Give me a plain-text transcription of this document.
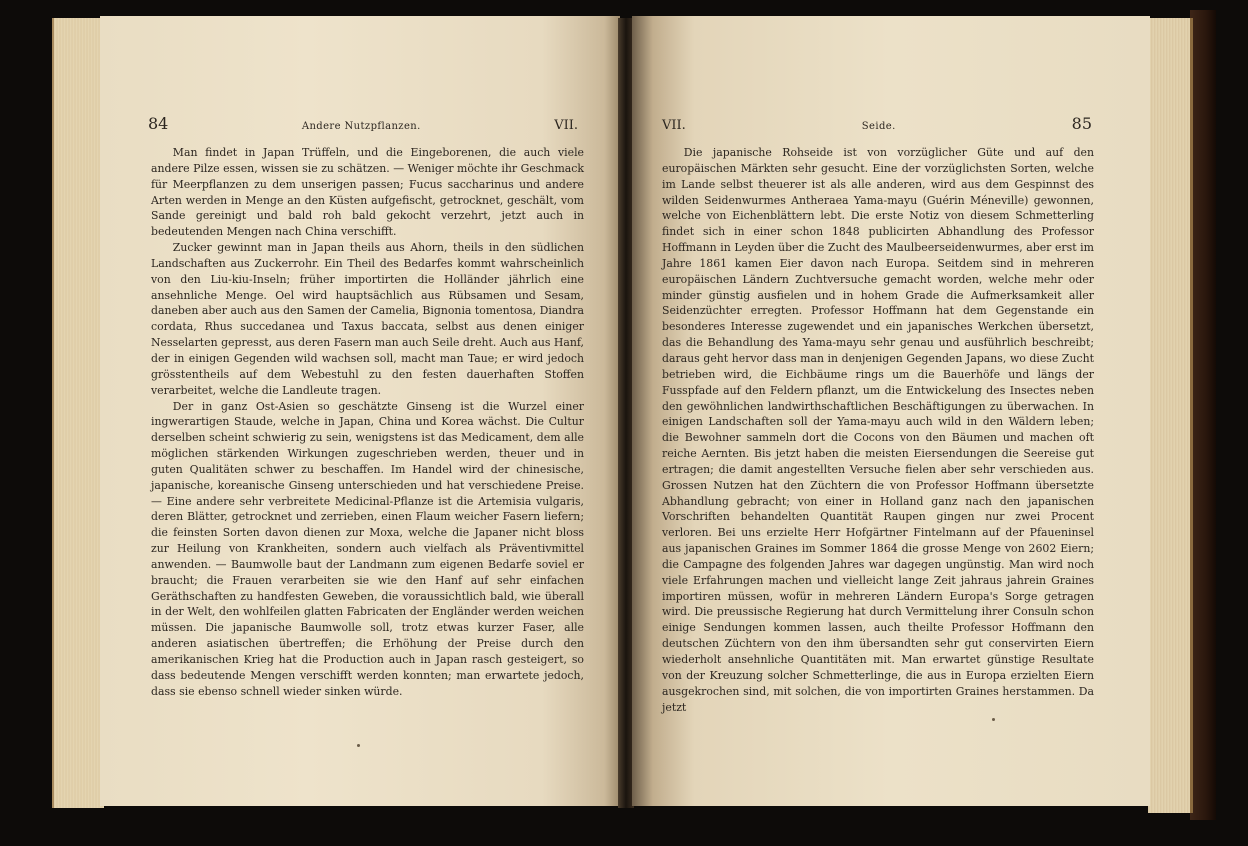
84	Andere Nutzpflanzen.	VII.

Man findet in Japan Trüffeln, und die Eingeborenen, die auch viele andere Pilze essen, wissen sie zu schätzen. — Weniger möchte ihr Geschmack für Meerpflanzen zu dem unserigen passen; Fucus saccharinus und andere Arten werden in Menge an den Küsten aufgefischt, getrocknet, geschält, vom Sande gereinigt und bald roh bald gekocht verzehrt, jetzt auch in bedeutenden Mengen nach China verschifft.

Zucker gewinnt man in Japan theils aus Ahorn, theils in den südlichen Landschaften aus Zuckerrohr. Ein Theil des Bedarfes kommt wahrscheinlich von den Liu-kiu-Inseln; früher importirten die Holländer jährlich eine ansehnliche Menge. Oel wird hauptsächlich aus Rübsamen und Sesam, daneben aber auch aus den Samen der Camelia, Bignonia tomentosa, Diandra cordata, Rhus succedanea und Taxus baccata, selbst aus denen einiger Nesselarten gepresst, aus deren Fasern man auch Seile dreht. Auch aus Hanf, der in einigen Gegenden wild wachsen soll, macht man Taue; er wird jedoch grösstentheils auf dem Webestuhl zu den festen dauerhaften Stoffen verarbeitet, welche die Landleute tragen.

Der in ganz Ost-Asien so geschätzte Ginseng ist die Wurzel einer ingwerartigen Staude, welche in Japan, China und Korea wächst. Die Cultur derselben scheint schwierig zu sein, wenigstens ist das Medicament, dem alle möglichen stärkenden Wirkungen zugeschrieben werden, theuer und in guten Qualitäten schwer zu beschaffen. Im Handel wird der chinesische, japanische, koreanische Ginseng unterschieden und hat verschiedene Preise. — Eine andere sehr verbreitete Medicinal-Pflanze ist die Artemisia vulgaris, deren Blätter, getrocknet und zerrieben, einen Flaum weicher Fasern liefern; die feinsten Sorten davon dienen zur Moxa, welche die Japaner nicht bloss zur Heilung von Krankheiten, sondern auch vielfach als Präventivmittel anwenden. — Baumwolle baut der Landmann zum eigenen Bedarfe soviel er braucht; die Frauen verarbeiten sie wie den Hanf auf sehr einfachen Geräthschaften zu handfesten Geweben, die voraussichtlich bald, wie überall in der Welt, den wohlfeilen glatten Fabricaten der Engländer werden weichen müssen. Die japanische Baumwolle soll, trotz etwas kurzer Faser, alle anderen asiatischen übertreffen; die Erhöhung der Preise durch den amerikanischen Krieg hat die Production auch in Japan rasch gesteigert, so dass bedeutende Mengen verschifft werden konnten; man erwartete jedoch, dass sie ebenso schnell wieder sinken würde.

VII.	Seide.	85

Die japanische Rohseide ist von vorzüglicher Güte und auf den europäischen Märkten sehr gesucht. Eine der vorzüglichsten Sorten, welche im Lande selbst theuerer ist als alle anderen, wird aus dem Gespinnst des wilden Seidenwurmes Antheraea Yama-mayu (Guérin Méneville) gewonnen, welche von Eichenblättern lebt. Die erste Notiz von diesem Schmetterling findet sich in einer schon 1848 publicirten Abhandlung des Professor Hoffmann in Leyden über die Zucht des Maulbeerseidenwurmes, aber erst im Jahre 1861 kamen Eier davon nach Europa. Seitdem sind in mehreren europäischen Ländern Zuchtversuche gemacht worden, welche mehr oder minder günstig ausfielen und in hohem Grade die Aufmerksamkeit aller Seidenzüchter erregten. Professor Hoffmann hat dem Gegenstande ein besonderes Interesse zugewendet und ein japanisches Werkchen übersetzt, das die Behandlung des Yama-mayu sehr genau und ausführlich beschreibt; daraus geht hervor dass man in denjenigen Gegenden Japans, wo diese Zucht betrieben wird, die Eichbäume rings um die Bauerhöfe und längs der Fusspfade auf den Feldern pflanzt, um die Entwickelung des Insectes neben den gewöhnlichen landwirthschaftlichen Beschäftigungen zu überwachen. In einigen Landschaften soll der Yama-mayu auch wild in den Wäldern leben; die Bewohner sammeln dort die Cocons von den Bäumen und machen oft reiche Aernten. Bis jetzt haben die meisten Eiersendungen die Seereise gut ertragen; die damit angestellten Versuche fielen aber sehr verschieden aus. Grossen Nutzen hat den Züchtern die von Professor Hoffmann übersetzte Abhandlung gebracht; von einer in Holland ganz nach den japanischen Vorschriften behandelten Quantität Raupen gingen nur zwei Procent verloren. Bei uns erzielte Herr Hofgärtner Fintelmann auf der Pfaueninsel aus japanischen Graines im Sommer 1864 die grosse Menge von 2602 Eiern; die Campagne des folgenden Jahres war dagegen ungünstig. Man wird noch viele Erfahrungen machen und vielleicht lange Zeit jahraus jahrein Graines importiren müssen, wofür in mehreren Ländern Europa's Sorge getragen wird. Die preussische Regierung hat durch Vermittelung ihrer Consuln schon einige Sendungen kommen lassen, auch theilte Professor Hoffmann den deutschen Züchtern von den ihm übersandten sehr gut conservirten Eiern wiederholt ansehnliche Quantitäten mit. Man erwartet günstige Resultate von der Kreuzung solcher Schmetterlinge, die aus in Europa erzielten Eiern ausgekrochen sind, mit solchen, die von importirten Graines herstammen. Da jetzt
